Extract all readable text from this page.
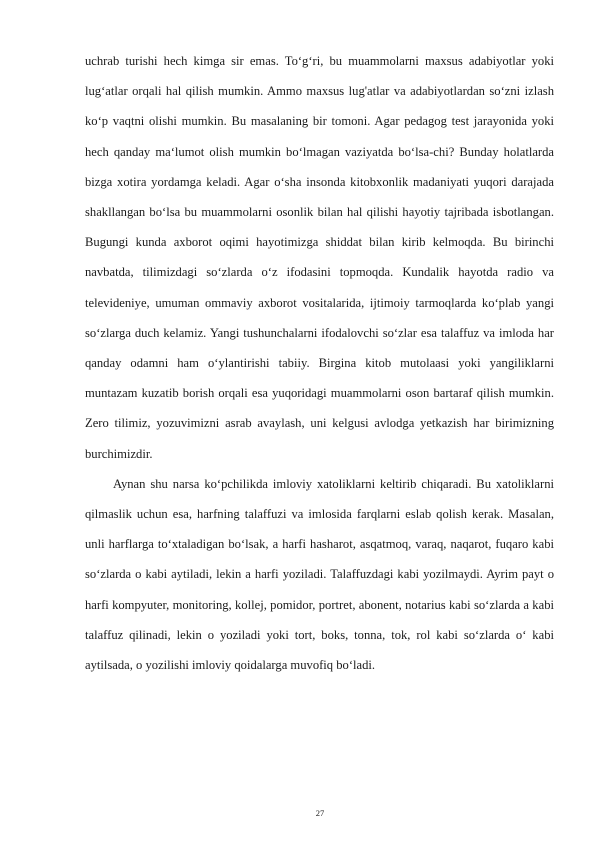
uchrab turishi hech kimga sir emas. To‘g‘ri, bu muammolarni maxsus adabiyotlar yoki lug‘atlar orqali hal qilish mumkin. Ammo maxsus lug'atlar va adabiyotlardan so‘zni izlash ko‘p vaqtni olishi mumkin. Bu masalaning bir tomoni. Agar pedagog test jarayonida yoki hech qanday ma‘lumot olish mumkin bo‘lmagan vaziyatda bo‘lsa-chi? Bunday holatlarda bizga xotira yordamga keladi. Agar o‘sha insonda kitobxonlik madaniyati yuqori darajada shakllangan bo‘lsa bu muammolarni osonlik bilan hal qilishi hayotiy tajribada isbotlangan. Bugungi kunda axborot oqimi hayotimizga shiddat bilan kirib kelmoqda. Bu birinchi navbatda, tilimizdagi so‘zlarda o‘z ifodasini topmoqda. Kundalik hayotda radio va televideniye, umuman ommaviy axborot vositalarida, ijtimoiy tarmoqlarda ko‘plab yangi so‘zlarga duch kelamiz. Yangi tushunchalarni ifodalovchi so‘zlar esa talaffuz va imloda har qanday odamni ham o‘ylantirishi tabiiy. Birgina kitob mutolaasi yoki yangiliklarni muntazam kuzatib borish orqali esa yuqoridagi muammolarni oson bartaraf qilish mumkin. Zero tilimiz, yozuvimizni asrab avaylash, uni kelgusi avlodga yetkazish har birimizning burchimizdir.

Aynan shu narsa ko‘pchilikda imloviy xatoliklarni keltirib chiqaradi. Bu xatoliklarni qilmaslik uchun esa, harfning talaffuzi va imlosida farqlarni eslab qolish kerak. Masalan, unli harflarga to‘xtaladigan bo‘lsak, a harfi hasharot, asqatmoq, varaq, naqarot, fuqaro kabi so‘zlarda o kabi aytiladi, lekin a harfi yoziladi. Talaffuzdagi kabi yozilmaydi. Ayrim payt o harfi kompyuter, monitoring, kollej, pomidor, portret, abonent, notarius kabi so‘zlarda a kabi talaffuz qilinadi, lekin o yoziladi yoki tort, boks, tonna, tok, rol kabi so‘zlarda o‘ kabi aytilsada, o yozilishi imloviy qoidalarga muvofiq bo‘ladi.

27
